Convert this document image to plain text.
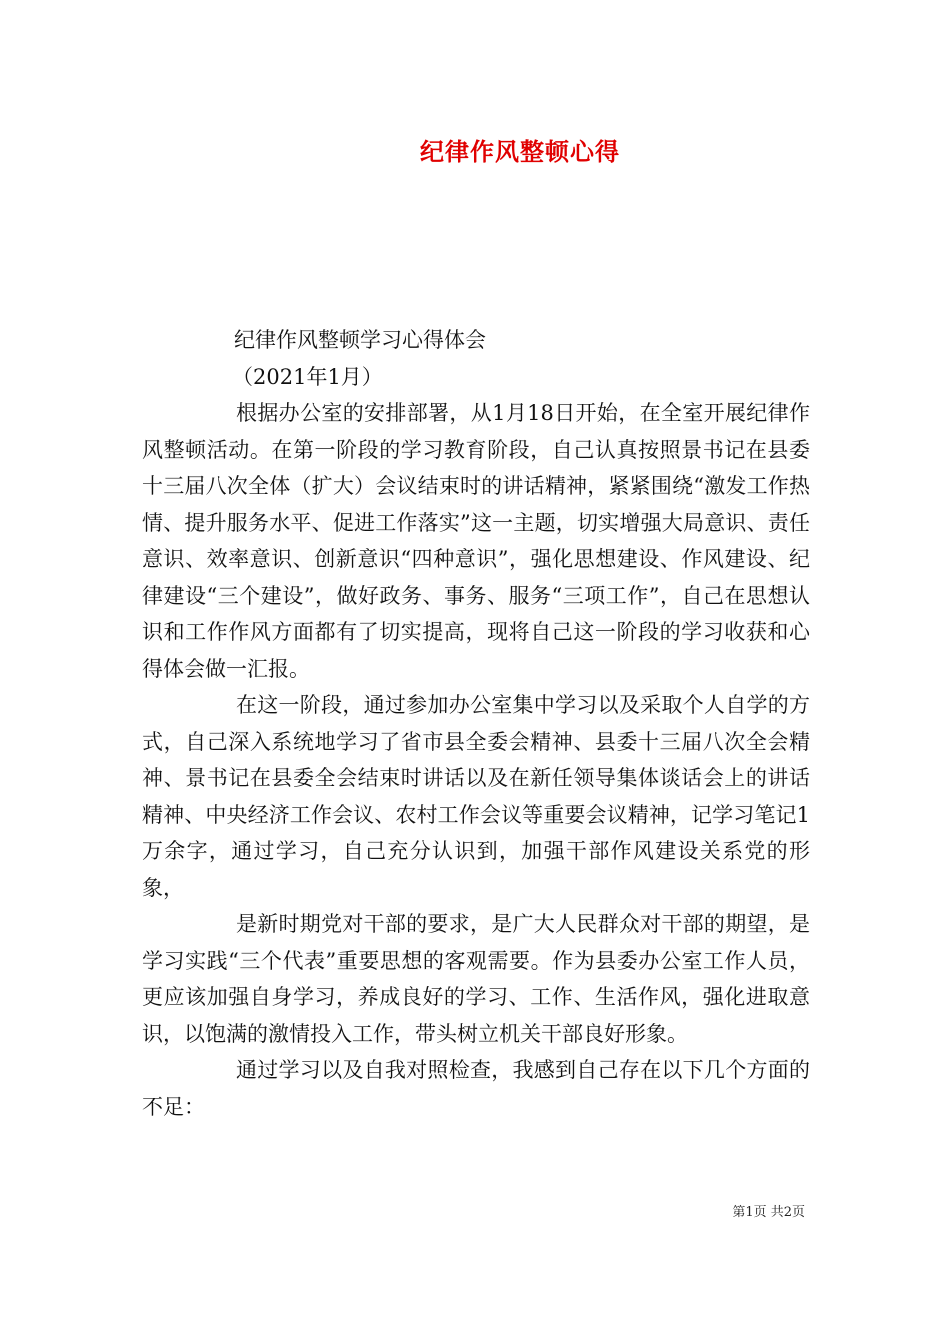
纪律作风整顿心得

纪律作风整顿学习心得体会

（2021年1月）

根据办公室的安排部署，从1月18日开始，在全室开展纪律作风整顿活动。在第一阶段的学习教育阶段，自己认真按照景书记在县委十三届八次全体（扩大）会议结束时的讲话精神，紧紧围绕“激发工作热情、提升服务水平、促进工作落实”这一主题，切实增强大局意识、责任意识、效率意识、创新意识“四种意识”，强化思想建设、作风建设、纪律建设“三个建设”，做好政务、事务、服务“三项工作”，自己在思想认识和工作作风方面都有了切实提高，现将自己这一阶段的学习收获和心得体会做一汇报。

在这一阶段，通过参加办公室集中学习以及采取个人自学的方式，自己深入系统地学习了省市县全委会精神、县委十三届八次全会精神、景书记在县委全会结束时讲话以及在新任领导集体谈话会上的讲话精神、中央经济工作会议、农村工作会议等重要会议精神，记学习笔记1万余字，通过学习，自己充分认识到，加强干部作风建设关系党的形象，

是新时期党对干部的要求，是广大人民群众对干部的期望，是学习实践“三个代表”重要思想的客观需要。作为县委办公室工作人员，更应该加强自身学习，养成良好的学习、工作、生活作风，强化进取意识，以饱满的激情投入工作，带头树立机关干部良好形象。

通过学习以及自我对照检查，我感到自己存在以下几个方面的不足：

第1页 共2页
